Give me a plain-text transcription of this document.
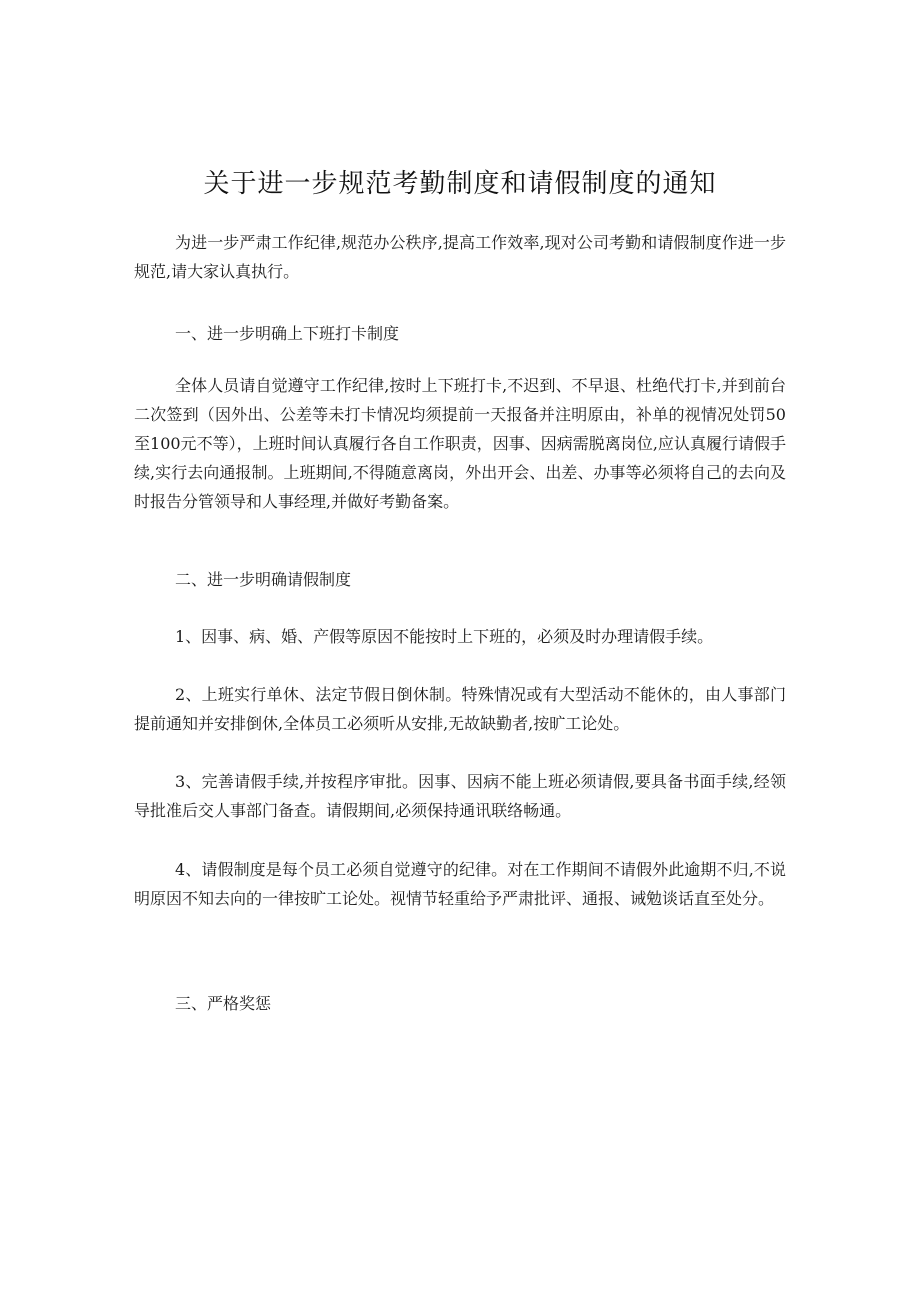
关于进一步规范考勤制度和请假制度的通知

为进一步严肃工作纪律,规范办公秩序,提高工作效率,现对公司考勤和请假制度作进一步规范,请大家认真执行。

一、进一步明确上下班打卡制度

全体人员请自觉遵守工作纪律,按时上下班打卡,不迟到、不早退、杜绝代打卡,并到前台二次签到（因外出、公差等未打卡情况均须提前一天报备并注明原由，补单的视情况处罚50至100元不等），上班时间认真履行各自工作职责，因事、因病需脱离岗位,应认真履行请假手续,实行去向通报制。上班期间,不得随意离岗，外出开会、出差、办事等必须将自己的去向及时报告分管领导和人事经理,并做好考勤备案。

二、进一步明确请假制度

1、因事、病、婚、产假等原因不能按时上下班的，必须及时办理请假手续。

2、上班实行单休、法定节假日倒休制。特殊情况或有大型活动不能休的，由人事部门提前通知并安排倒休,全体员工必须听从安排,无故缺勤者,按旷工论处。

3、完善请假手续,并按程序审批。因事、因病不能上班必须请假,要具备书面手续,经领导批准后交人事部门备查。请假期间,必须保持通讯联络畅通。

4、请假制度是每个员工必须自觉遵守的纪律。对在工作期间不请假外此逾期不归,不说明原因不知去向的一律按旷工论处。视情节轻重给予严肃批评、通报、诫勉谈话直至处分。

三、严格奖惩
